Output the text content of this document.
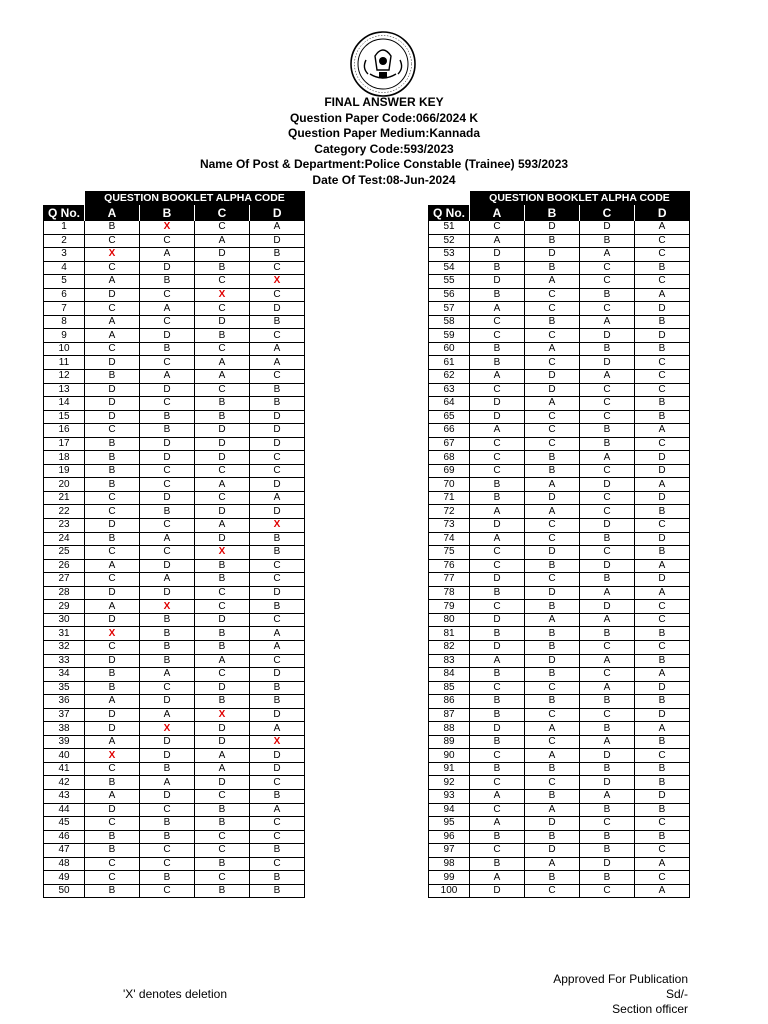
FINAL ANSWER KEY
Question Paper Code:066/2024 K
Question Paper Medium:Kannada
Category Code:593/2023
Name Of Post & Department:Police Constable (Trainee) 593/2023
Date Of Test:08-Jun-2024
	QUESTION BOOKLET ALPHA CODE			
Q No.	A	B	C	D
1	B	X	C	A
2	C	C	A	D
3	X	A	D	B
4	C	D	B	C
5	A	B	C	X
6	D	C	X	C
7	C	A	C	D
8	A	C	D	B
9	A	D	B	C
10	C	B	C	A
11	D	C	A	A
12	B	A	A	C
13	D	D	C	B
14	D	C	B	B
15	D	B	B	D
16	C	B	D	D
17	B	D	D	D
18	B	D	D	C
19	B	C	C	C
20	B	C	A	D
21	C	D	C	A
22	C	B	D	D
23	D	C	A	X
24	B	A	D	B
25	C	C	X	B
26	A	D	B	C
27	C	A	B	C
28	D	D	C	D
29	A	X	C	B
30	D	B	D	C
31	X	B	B	A
32	C	B	B	A
33	D	B	A	C
34	B	A	C	D
35	B	C	D	B
36	A	D	B	B
37	D	A	X	D
38	D	X	D	A
39	A	D	D	X
40	X	D	A	D
41	C	B	A	D
42	B	A	D	C
43	A	D	C	B
44	D	C	B	A
45	C	B	B	C
46	B	B	C	C
47	B	C	C	B
48	C	C	B	C
49	C	B	C	B
50	B	C	B	B
	QUESTION BOOKLET ALPHA CODE			
Q No.	A	B	C	D
51	C	D	D	A
52	A	B	B	C
53	D	D	A	C
54	B	B	C	B
55	D	A	C	C
56	B	C	B	A
57	A	C	C	D
58	C	B	A	B
59	C	C	D	D
60	B	A	B	B
61	B	C	D	C
62	A	D	A	C
63	C	D	C	C
64	D	A	C	B
65	D	C	C	B
66	A	C	B	A
67	C	C	B	C
68	C	B	A	D
69	C	B	C	D
70	B	A	D	A
71	B	D	C	D
72	A	A	C	B
73	D	C	D	C
74	A	C	B	D
75	C	D	C	B
76	C	B	D	A
77	D	C	B	D
78	B	D	A	A
79	C	B	D	C
80	D	A	A	C
81	B	B	B	B
82	D	B	C	C
83	A	D	A	B
84	B	B	C	A
85	C	C	A	D
86	B	B	B	B
87	B	C	C	D
88	D	A	B	A
89	B	C	A	B
90	C	A	D	C
91	B	B	B	B
92	C	C	D	B
93	A	B	A	D
94	C	A	B	B
95	A	D	C	C
96	B	B	B	B
97	C	D	B	C
98	B	A	D	A
99	A	B	B	C
100	D	C	C	A
'X' denotes deletion
Approved For Publication
Sd/-
Section officer
